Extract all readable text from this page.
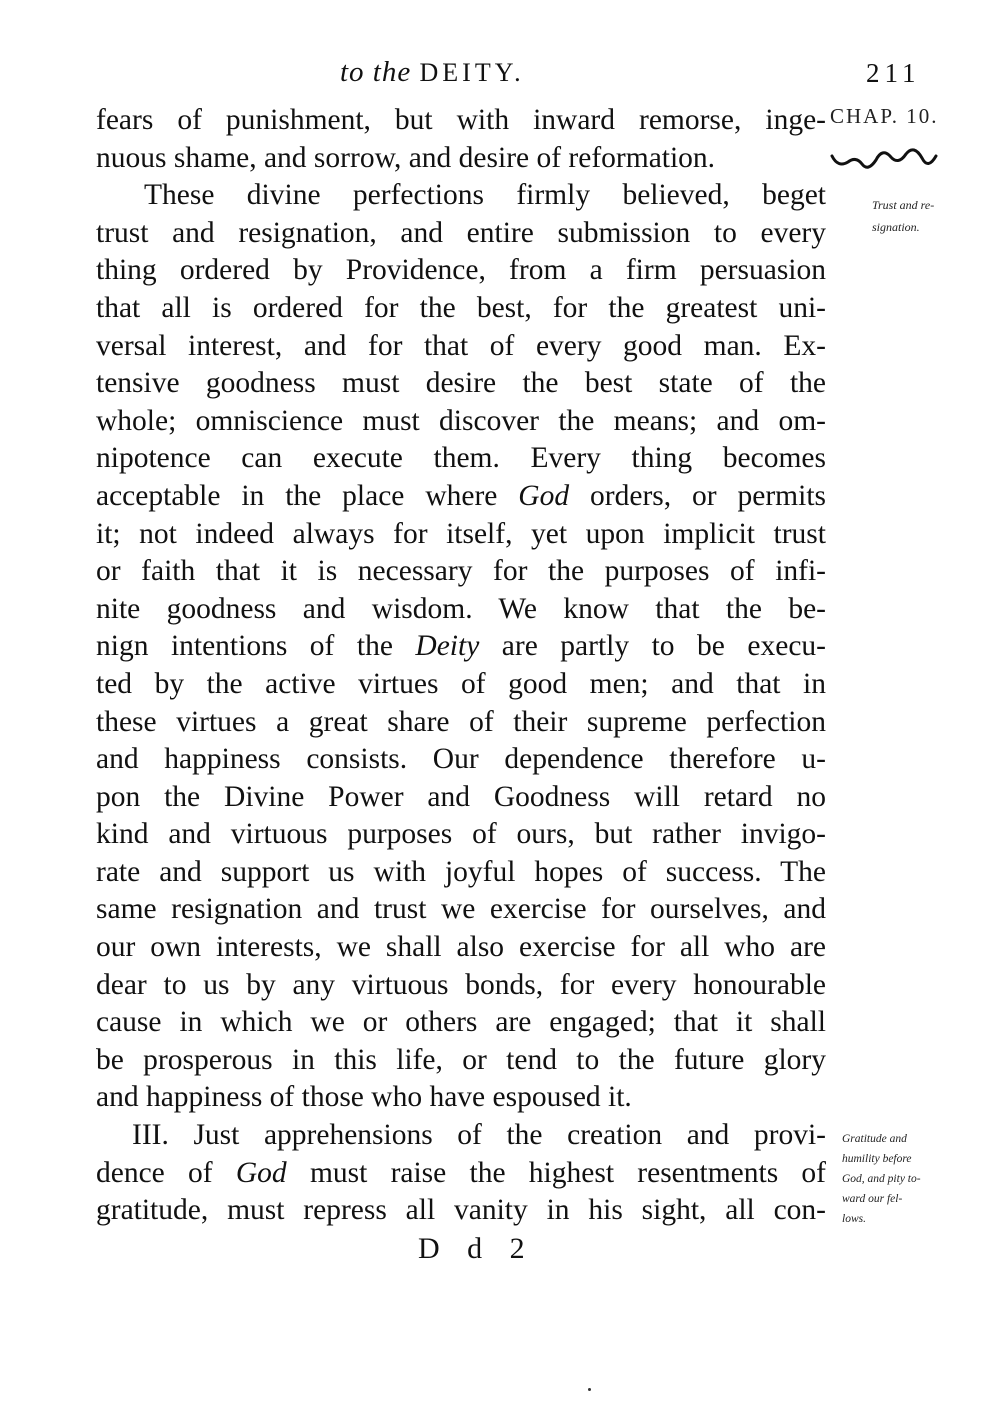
to the DEITY.	211
CHAP. 10.
Trust and re-
signation.
fears of punishment, but with inward remorse, inge-
nuous shame, and sorrow, and desire of reformation.
These divine perfections firmly believed, beget
trust and resignation, and entire submission to every
thing ordered by Providence, from a firm persuasion
that all is ordered for the best, for the greatest uni-
versal interest, and for that of every good man. Ex-
tensive goodness must desire the best state of the
whole; omniscience must discover the means; and om-
nipotence can execute them. Every thing becomes
acceptable in the place where God orders, or permits
it; not indeed always for itself, yet upon implicit trust
or faith that it is necessary for the purposes of infi-
nite goodness and wisdom. We know that the be-
nign intentions of the Deity are partly to be execu-
ted by the active virtues of good men; and that in
these virtues a great share of their supreme perfection
and happiness consists. Our dependence therefore u-
pon the Divine Power and Goodness will retard no
kind and virtuous purposes of ours, but rather invigo-
rate and support us with joyful hopes of success. The
same resignation and trust we exercise for ourselves, and
our own interests, we shall also exercise for all who are
dear to us by any virtuous bonds, for every honourable
cause in which we or others are engaged; that it shall
be prosperous in this life, or tend to the future glory
and happiness of those who have espoused it.
III. Just apprehensions of the creation and provi-
dence of God must raise the highest resentments of
gratitude, must repress all vanity in his sight, all con-
Gratitude and
humility before
God, and pity to-
ward our fel-
lows.
D d 2
